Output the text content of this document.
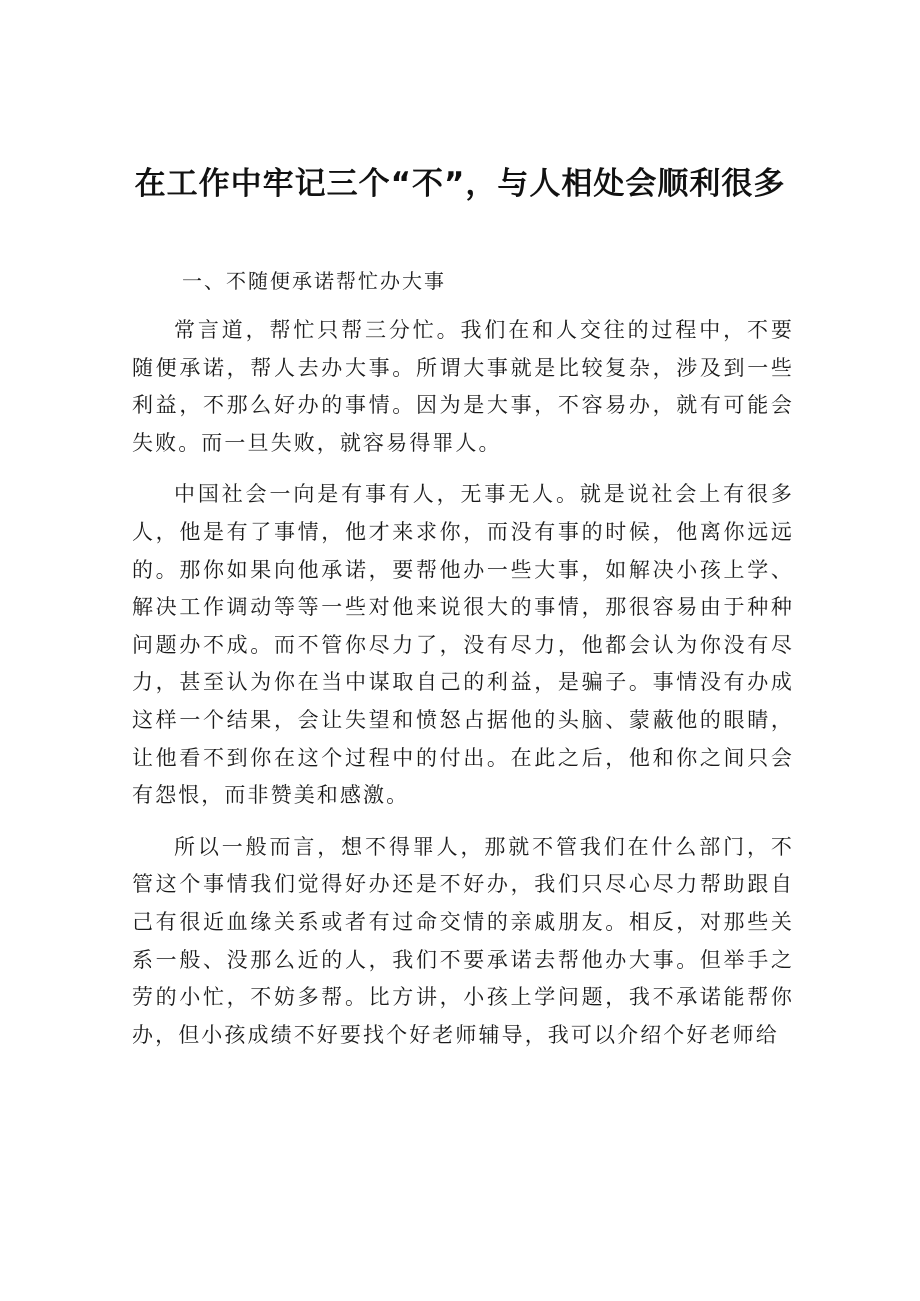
在工作中牢记三个“不”，与人相处会顺利很多

一、不随便承诺帮忙办大事

常言道，帮忙只帮三分忙。我们在和人交往的过程中，不要随便承诺，帮人去办大事。所谓大事就是比较复杂，涉及到一些利益，不那么好办的事情。因为是大事，不容易办，就有可能会失败。而一旦失败，就容易得罪人。

中国社会一向是有事有人，无事无人。就是说社会上有很多人，他是有了事情，他才来求你，而没有事的时候，他离你远远的。那你如果向他承诺，要帮他办一些大事，如解决小孩上学、解决工作调动等等一些对他来说很大的事情，那很容易由于种种问题办不成。而不管你尽力了，没有尽力，他都会认为你没有尽力，甚至认为你在当中谋取自己的利益，是骗子。事情没有办成这样一个结果，会让失望和愤怒占据他的头脑、蒙蔽他的眼睛，让他看不到你在这个过程中的付出。在此之后，他和你之间只会有怨恨，而非赞美和感激。

所以一般而言，想不得罪人，那就不管我们在什么部门，不管这个事情我们觉得好办还是不好办，我们只尽心尽力帮助跟自己有很近血缘关系或者有过命交情的亲戚朋友。相反，对那些关系一般、没那么近的人，我们不要承诺去帮他办大事。但举手之劳的小忙，不妨多帮。比方讲，小孩上学问题，我不承诺能帮你办，但小孩成绩不好要找个好老师辅导，我可以介绍个好老师给
